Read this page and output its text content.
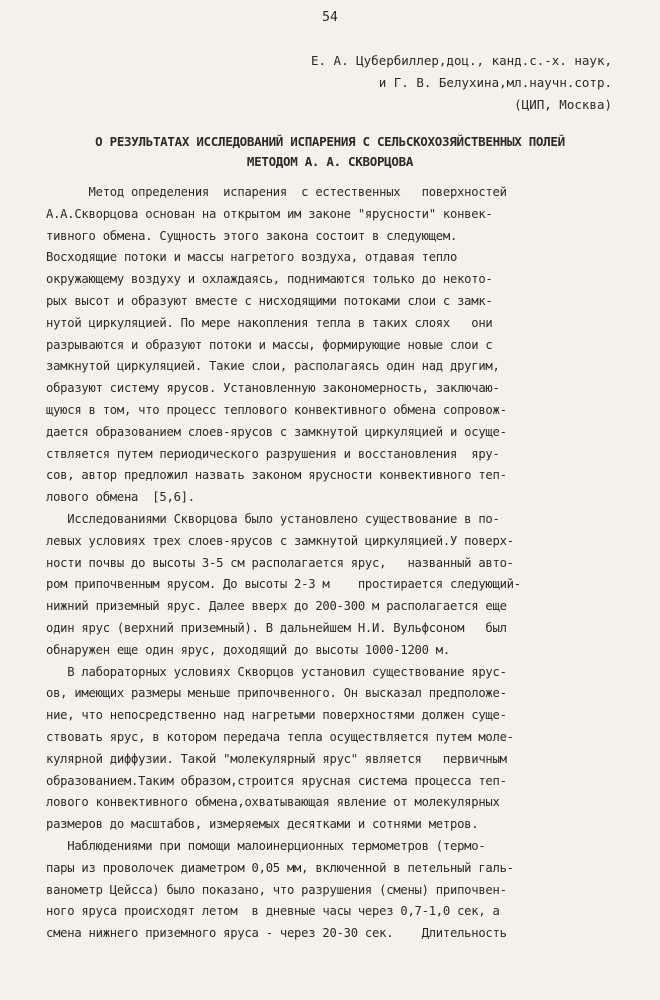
54
Е. А. Цубербиллер,доц., канд.с.-х. наук,
и Г. В. Белухина,мл.научн.сотр.
(ЦИП, Москва)
О РЕЗУЛЬТАТАХ ИССЛЕДОВАНИЙ ИСПАРЕНИЯ С СЕЛЬСКОХОЗЯЙСТВЕННЫХ ПОЛЕЙ
МЕТОДОМ А. А. СКВОРЦОВА
Метод определения  испарения  с естественных   поверхностей
А.А.Скворцова основан на открытом им законе "ярусности" конвек-
тивного обмена. Сущность этого закона состоит в следующем.
Восходящие потоки и массы нагретого воздуха, отдавая тепло
окружающему воздуху и охлаждаясь, поднимаются только до некото-
рых высот и образуют вместе с нисходящими потоками слои с замк-
нутой циркуляцией. По мере накопления тепла в таких слоях   они
разрываются и образуют потоки и массы, формирующие новые слои с
замкнутой циркуляцией. Такие слои, располагаясь один над другим,
образуют систему ярусов. Установленную закономерность, заключаю-
щуюся в том, что процесс теплового конвективного обмена сопровож-
дается образованием слоев-ярусов с замкнутой циркуляцией и осуще-
ствляется путем периодического разрушения и восстановления  яру-
сов, автор предложил назвать законом ярусности конвективного теп-
лового обмена  [5,6].
Исследованиями Скворцова было установлено существование в по-
левых условиях трех слоев-ярусов с замкнутой циркуляцией.У поверх-
ности почвы до высоты 3-5 см располагается ярус,   названный авто-
ром припочвенным ярусом. До высоты 2-3 м    простирается следующий-
нижний приземный ярус. Далее вверх до 200-300 м располагается еще
один ярус (верхний приземный). В дальнейшем Н.И. Вульфсоном   был
обнаружен еще один ярус, доходящий до высоты 1000-1200 м.
В лабораторных условиях Скворцов установил существование ярус-
ов, имеющих размеры меньше припочвенного. Он высказал предположе-
ние, что непосредственно над нагретыми поверхностями должен суще-
ствовать ярус, в котором передача тепла осуществляется путем моле-
кулярной диффузии. Такой "молекулярный ярус" является   первичным
образованием.Таким образом,строится ярусная система процесса теп-
лового конвективного обмена,охватывающая явление от молекулярных
размеров до масштабов, измеряемых десятками и сотнями метров.
Наблюдениями при помощи малоинерционных термометров (термо-
пары из проволочек диаметром 0,05 мм, включенной в петельный галь-
ванометр Цейсса) было показано, что разрушения (смены) припочвен-
ного яруса происходят летом  в дневные часы через 0,7-1,0 сек, а
смена нижнего приземного яруса - через 20-30 сек.    Длительность
